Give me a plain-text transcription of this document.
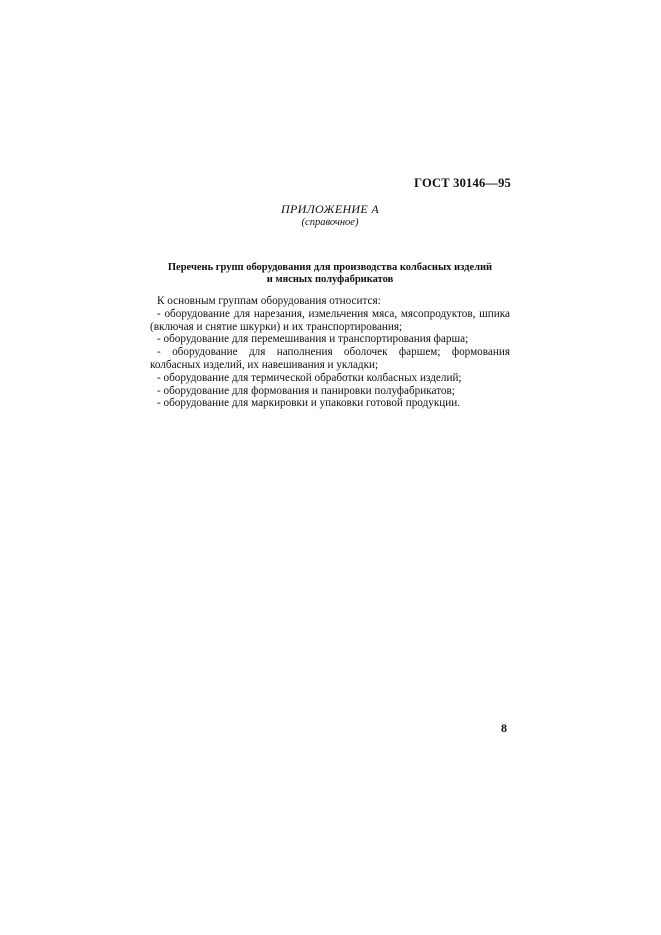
ГОСТ 30146—95
ПРИЛОЖЕНИЕ А
(справочное)
Перечень групп оборудования для производства колбасных изделий
и мясных полуфабрикатов

К основным группам оборудования относится:

- оборудование для нарезания, измельчения мяса, мясопродуктов, шпика (включая и снятие шкурки) и их транспортирования;

- оборудование для перемешивания и транспортирования фарша;

- оборудование для наполнения оболочек фаршем; формования колбасных изделий, их навешивания и укладки;

- оборудование для термической обработки колбасных изделий;

- оборудование для формования и панировки полуфабрикатов;

- оборудование для маркировки и упаковки готовой продукции.

8
